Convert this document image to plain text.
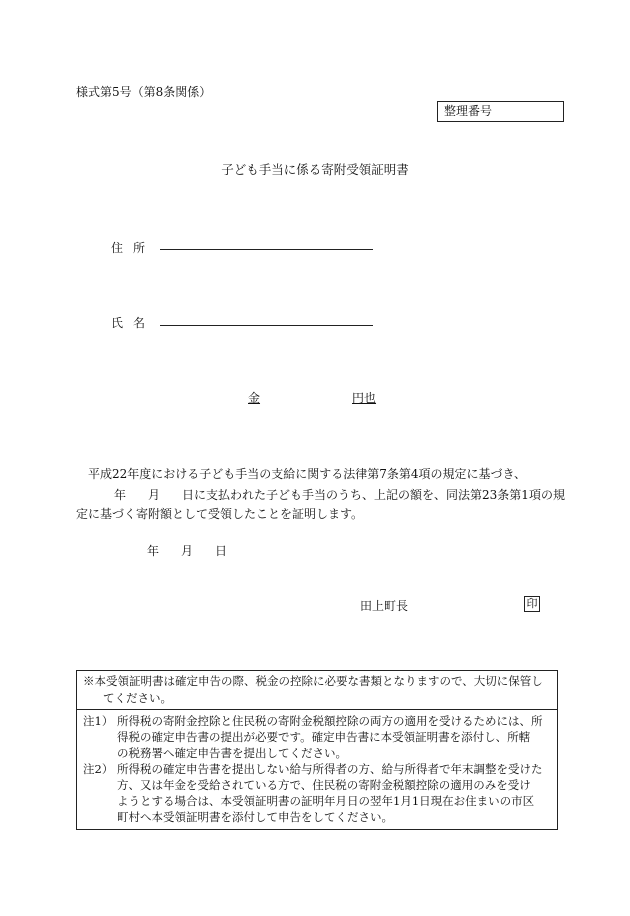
様式第5号（第8条関係）
整理番号
子ども手当に係る寄附受領証明書
住所
氏名
金	円也
平成22年度における子ども手当の支給に関する法律第7条第4項の規定に基づき、
年 月 日に支払われた子ども手当のうち、上記の額を、同法第23条第1項の規
定に基づく寄附額として受領したことを証明します。
年 月 日
田上町長	印
※本受領証明書は確定申告の際、税金の控除に必要な書類となりますので、大切に保管し
てください。
注1） 所得税の寄附金控除と住民税の寄附金税額控除の両方の適用を受けるためには、所
得税の確定申告書の提出が必要です。確定申告書に本受領証明書を添付し、所轄
の税務署へ確定申告書を提出してください。
注2） 所得税の確定申告書を提出しない給与所得者の方、給与所得者で年末調整を受けた
方、又は年金を受給されている方で、住民税の寄附金税額控除の適用のみを受け
ようとする場合は、本受領証明書の証明年月日の翌年1月1日現在お住まいの市区
町村へ本受領証明書を添付して申告をしてください。
